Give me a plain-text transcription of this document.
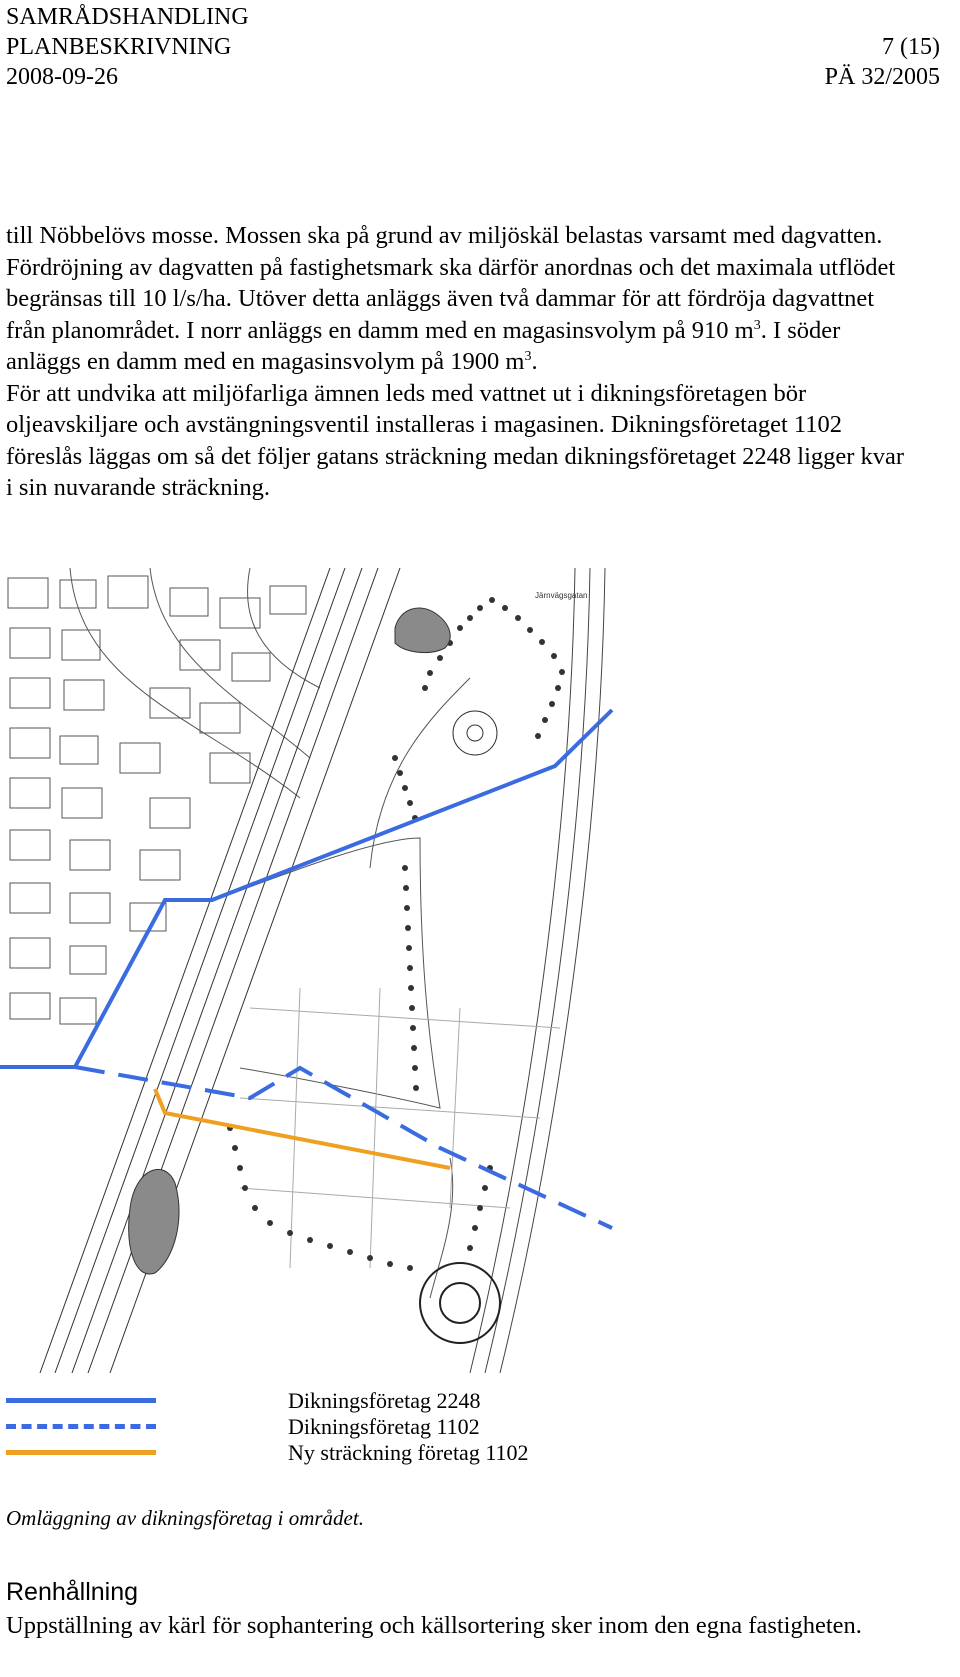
SAMRÅDSHANDLING
PLANBESKRIVNING
2008-09-26
7 (15)
PÄ 32/2005

till Nöbbelövs mosse. Mossen ska på grund av miljöskäl belastas varsamt med dagvatten. Fördröjning av dagvatten på fastighetsmark ska därför anordnas och det maximala utflödet begränsas till 10 l/s/ha. Utöver detta anläggs även två dammar för att fördröja dagvattnet från planområdet. I norr anläggs en damm med en magasinsvolym på 910 $m^3$. I söder anläggs en damm med en magasinsvolym på 1900 $m^3$.

För att undvika att miljöfarliga ämnen leds med vattnet ut i dikningsföretagen bör oljeavskiljare och avstängningsventil installeras i magasinen. Dikningsföretaget 1102 föreslås läggas om så det följer gatans sträckning medan dikningsföretaget 2248 ligger kvar i sin nuvarande sträckning.

Järnvägsgatan
Dikningsföretag 2248
Dikningsföretag 1102
Ny sträckning företag 1102
Omläggning av dikningsföretag i området.
Renhållning
Uppställning av kärl för sophantering och källsortering sker inom den egna fastigheten.
